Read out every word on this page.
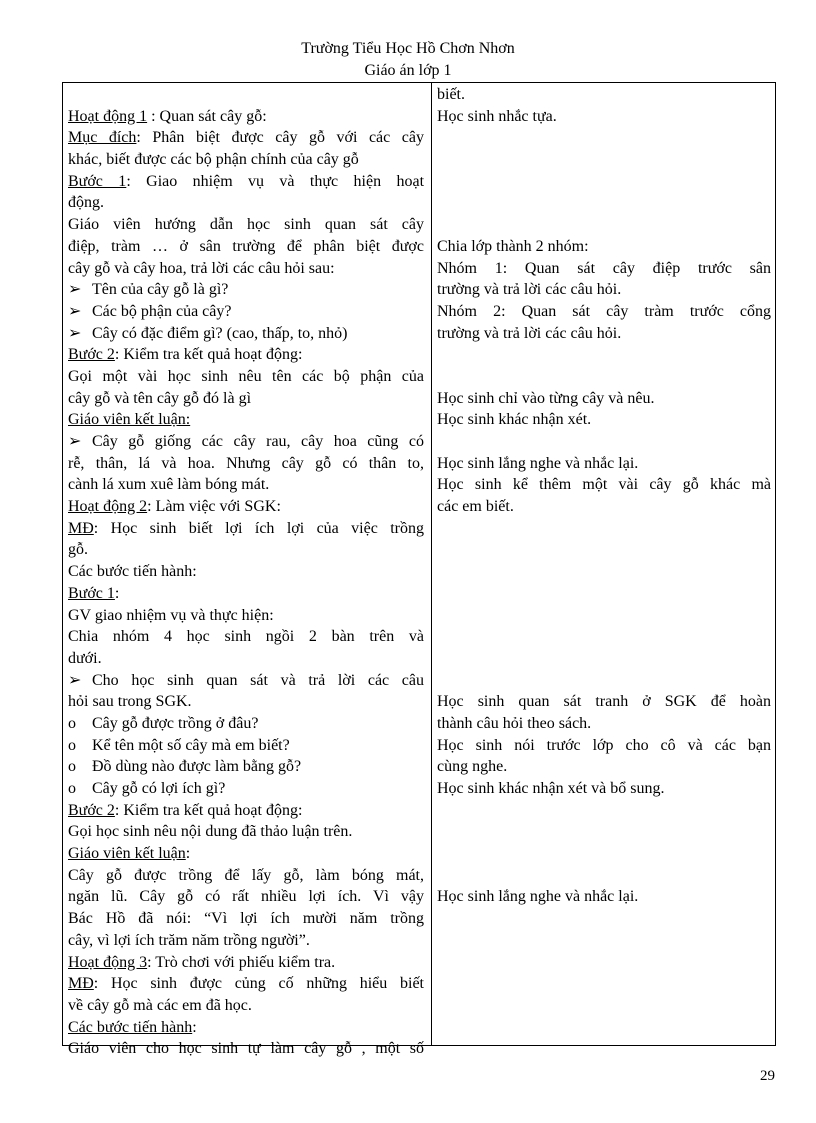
Trường Tiểu Học Hồ Chơn Nhơn
Giáo án lớp 1
Hoạt động 1 : Quan sát cây gỗ:
Mục đích: Phân biệt được cây gỗ với các cây
khác, biết được các bộ phận chính của cây gỗ
Bước 1: Giao nhiệm vụ và thực hiện hoạt
động.
Giáo viên hướng dẫn học sinh quan sát cây
điệp, tràm … ở sân trường để phân biệt được
cây gỗ và cây hoa, trả lời các câu hỏi sau:
➢ Tên của cây gỗ là gì?
➢ Các bộ phận của cây?
➢ Cây có đặc điểm gì? (cao, thấp, to, nhỏ)
Bước 2: Kiểm tra kết quả hoạt động:
Gọi một vài học sinh nêu tên các bộ phận của
cây gỗ và tên cây gỗ đó là gì
Giáo viên kết luận:
➢ Cây gỗ giống các cây rau, cây hoa cũng có
rễ, thân, lá và hoa. Nhưng cây gỗ có thân to,
cành lá xum xuê làm bóng mát.
Hoạt động 2: Làm việc với SGK:
MĐ: Học sinh biết lợi ích lợi của việc trồng
gỗ.
Các bước tiến hành:
Bước 1:
GV giao nhiệm vụ và thực hiện:
Chia nhóm 4 học sinh ngồi 2 bàn trên và
dưới.
➢ Cho học sinh quan sát và trả lời các câu
hỏi sau trong SGK.
o Cây gỗ được trồng ở đâu?
o Kể tên một số cây mà em biết?
o Đồ dùng nào được làm bằng gỗ?
o Cây gỗ có lợi ích gì?
Bước 2: Kiểm tra kết quả hoạt động:
Gọi học sinh nêu nội dung đã thảo luận trên.
Giáo viên kết luận:
Cây gỗ được trồng để lấy gỗ, làm bóng mát,
ngăn lũ. Cây gỗ có rất nhiều lợi ích. Vì vậy
Bác Hồ đã nói: “Vì lợi ích mười năm trồng
cây, vì lợi ích trăm năm trồng người”.
Hoạt động 3: Trò chơi với phiếu kiểm tra.
MĐ: Học sinh được củng cố những hiểu biết
về cây gỗ mà các em đã học.
Các bước tiến hành:
Giáo viên cho học sinh tự làm cây gỗ , một số
biết.
Học sinh nhắc tựa.
Chia lớp thành 2 nhóm:
Nhóm 1: Quan sát cây điệp trước sân
trường và trả lời các câu hỏi.
Nhóm 2: Quan sát cây tràm trước cổng
trường và trả lời các câu hỏi.
Học sinh chỉ vào từng cây và nêu.
Học sinh khác nhận xét.
Học sinh lắng nghe và nhắc lại.
Học sinh kể thêm một vài cây gỗ khác mà
các em biết.
Học sinh quan sát tranh ở SGK để hoàn
thành câu hỏi theo sách.
Học sinh nói trước lớp cho cô và các bạn
cùng nghe.
Học sinh khác nhận xét và bổ sung.
Học sinh lắng nghe và nhắc lại.
29
